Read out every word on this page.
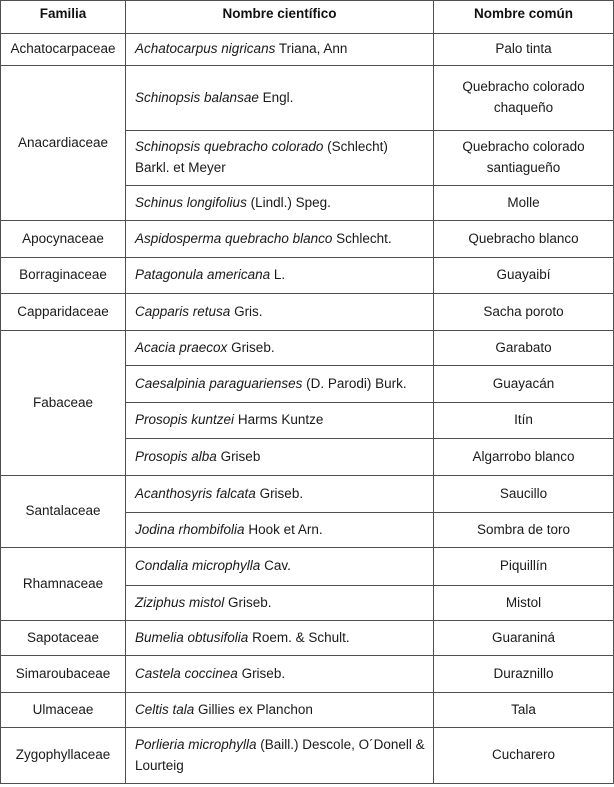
Familia	Nombre científico	Nombre común
Achatocarpaceae	Achatocarpus nigricans Triana, Ann	Palo tinta
Anacardiaceae	Schinopsis balansae Engl.	Quebracho colorado chaqueño
	Schinopsis quebracho colorado (Schlecht) Barkl. et Meyer	Quebracho colorado santiagueño
	Schinus longifolius (Lindl.) Speg.	Molle
Apocynaceae	Aspidosperma quebracho blanco Schlecht.	Quebracho blanco
Borraginaceae	Patagonula americana L.	Guayaibí
Capparidaceae	Capparis retusa Gris.	Sacha poroto
Fabaceae	Acacia praecox Griseb.	Garabato
	Caesalpinia paraguarienses (D. Parodi) Burk.	Guayacán
	Prosopis kuntzei Harms Kuntze	Itín
	Prosopis alba Griseb	Algarrobo blanco
Santalaceae	Acanthosyris falcata Griseb.	Saucillo
	Jodina rhombifolia Hook et Arn.	Sombra de toro
Rhamnaceae	Condalia microphylla Cav.	Piquillín
	Ziziphus mistol Griseb.	Mistol
Sapotaceae	Bumelia obtusifolia Roem. & Schult.	Guaraniná
Simaroubaceae	Castela coccinea Griseb.	Duraznillo
Ulmaceae	Celtis tala Gillies ex Planchon	Tala
Zygophyllaceae	Porlieria microphylla (Baill.) Descole, O´Donell & Lourteig	Cucharero
